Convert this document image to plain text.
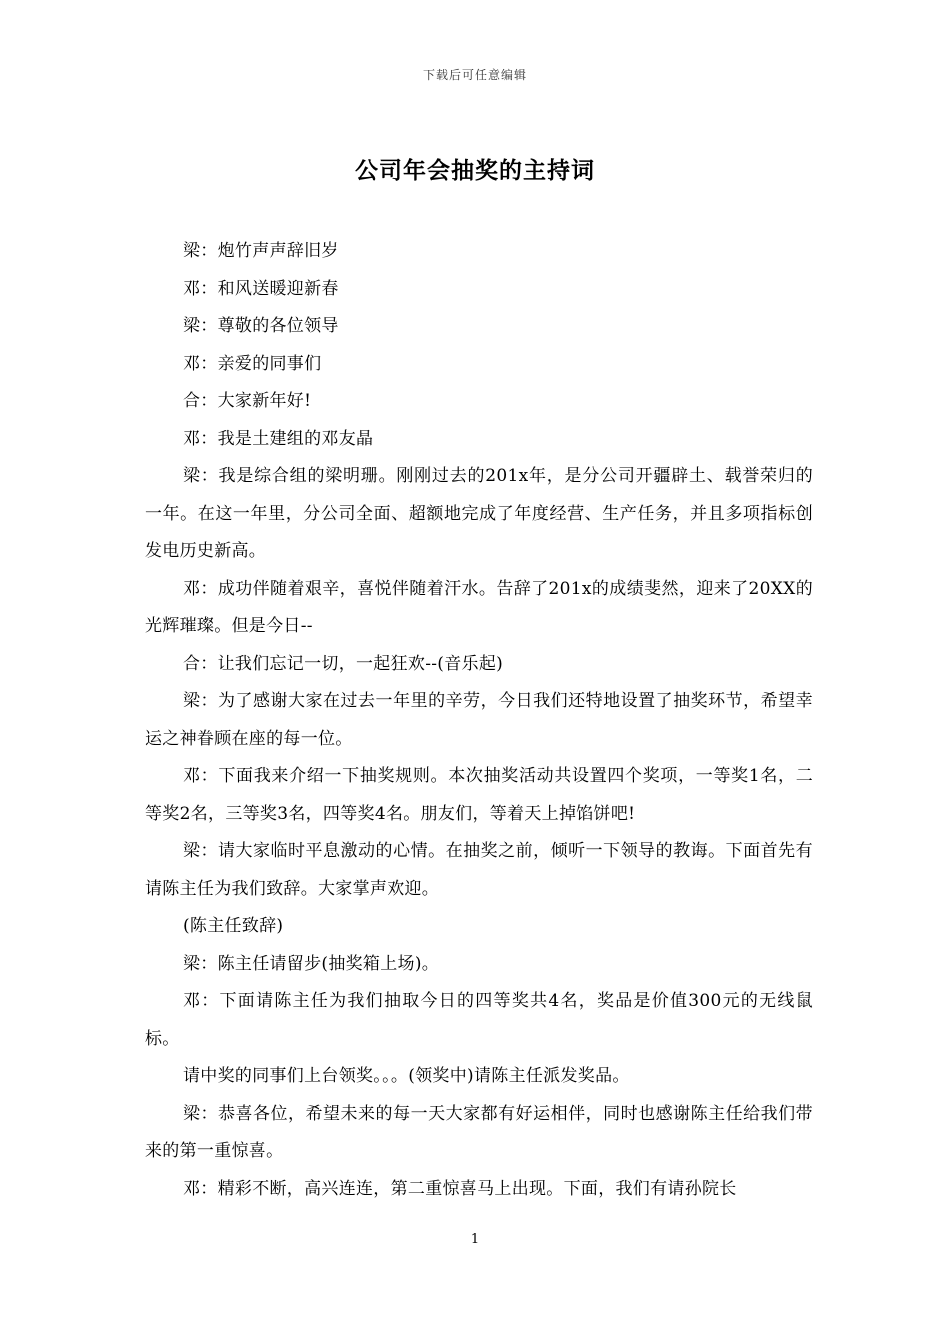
下载后可任意编辑
公司年会抽奖的主持词

梁：炮竹声声辞旧岁

邓：和风送暖迎新春

梁：尊敬的各位领导

邓：亲爱的同事们

合：大家新年好!

邓：我是土建组的邓友晶

梁：我是综合组的梁明珊。刚刚过去的201x年，是分公司开疆辟土、载誉荣归的一年。在这一年里，分公司全面、超额地完成了年度经营、生产任务，并且多项指标创发电历史新高。

邓：成功伴随着艰辛，喜悦伴随着汗水。告辞了201x的成绩斐然，迎来了20XX的光辉璀璨。但是今日--

合：让我们忘记一切，一起狂欢--(音乐起)

梁：为了感谢大家在过去一年里的辛劳，今日我们还特地设置了抽奖环节，希望幸运之神眷顾在座的每一位。

邓：下面我来介绍一下抽奖规则。本次抽奖活动共设置四个奖项，一等奖1名，二等奖2名，三等奖3名，四等奖4名。朋友们，等着天上掉馅饼吧!

梁：请大家临时平息激动的心情。在抽奖之前，倾听一下领导的教诲。下面首先有请陈主任为我们致辞。大家掌声欢迎。

(陈主任致辞)

梁：陈主任请留步(抽奖箱上场)。

邓：下面请陈主任为我们抽取今日的四等奖共4名，奖品是价值300元的无线鼠标。

请中奖的同事们上台领奖。。。(领奖中)请陈主任派发奖品。

梁：恭喜各位，希望未来的每一天大家都有好运相伴，同时也感谢陈主任给我们带来的第一重惊喜。

邓：精彩不断，高兴连连，第二重惊喜马上出现。下面，我们有请孙院长

1
